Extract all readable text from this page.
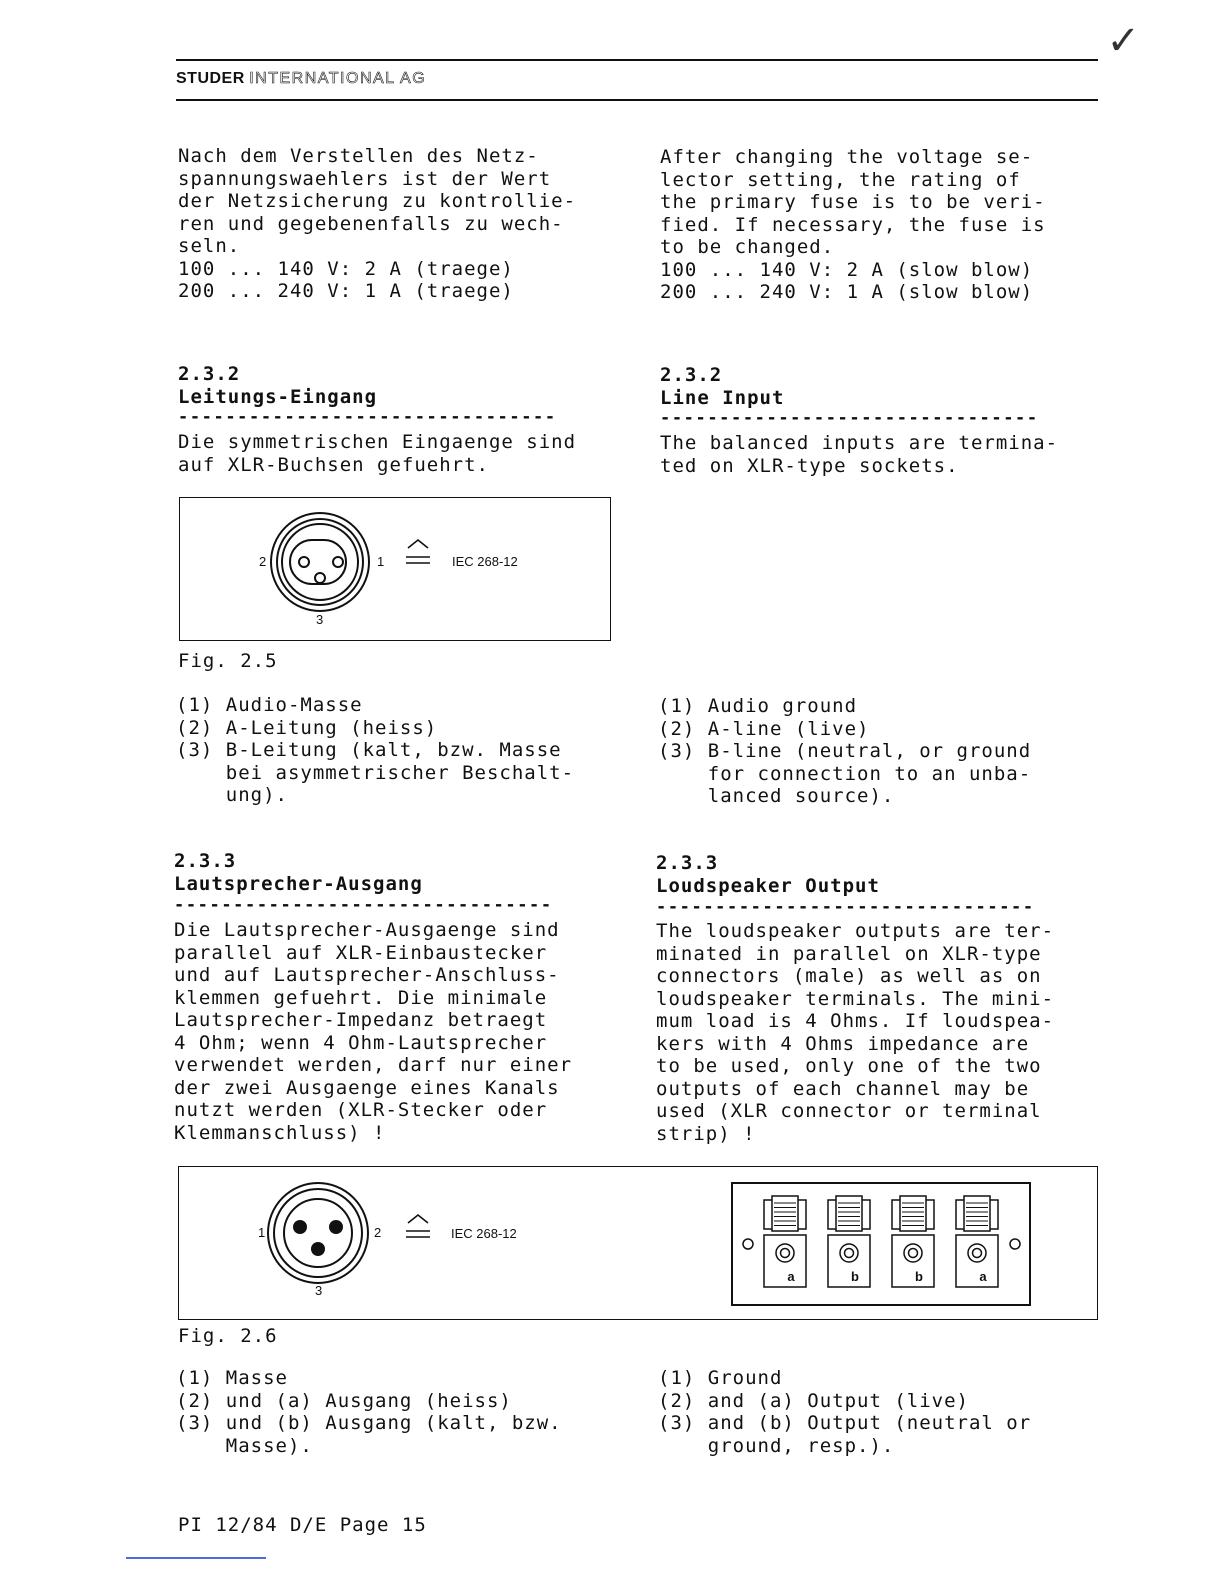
✓
STUDER INTERNATIONAL AG
Nach dem Verstellen des Netz-
spannungswaehlers ist der Wert
der Netzsicherung zu kontrollie-
ren und gegebenenfalls zu wech-
seln.
100 ... 140 V: 2 A (traege)
200 ... 240 V: 1 A (traege)
After changing the voltage se-
lector setting, the rating of
the primary fuse is to be veri-
fied. If necessary, the fuse is
to be changed.
100 ... 140 V: 2 A (slow blow)
200 ... 240 V: 1 A (slow blow)
2.3.2
Leitungs-Eingang
--------------------------------
2.3.2
Line Input
--------------------------------
Die symmetrischen Eingaenge sind
auf XLR-Buchsen gefuehrt.
The balanced inputs are termina-
ted on XLR-type sockets.
2	1
3
IEC 268-12
Fig. 2.5
(1) Audio-Masse
(2) A-Leitung (heiss)
(3) B-Leitung (kalt, bzw. Masse
bei asymmetrischer Beschalt-
ung).
(1) Audio ground
(2) A-line (live)
(3) B-line (neutral, or ground
for connection to an unba-
lanced source).
2.3.3
Lautsprecher-Ausgang
--------------------------------
2.3.3
Loudspeaker Output
--------------------------------
Die Lautsprecher-Ausgaenge sind
parallel auf XLR-Einbaustecker
und auf Lautsprecher-Anschluss-
klemmen gefuehrt. Die minimale
Lautsprecher-Impedanz betraegt
4 Ohm; wenn 4 Ohm-Lautsprecher
verwendet werden, darf nur einer
der zwei Ausgaenge eines Kanals
nutzt werden (XLR-Stecker oder
Klemmanschluss) !
The loudspeaker outputs are ter-
minated in parallel on XLR-type
connectors (male) as well as on
loudspeaker terminals. The mini-
mum load is 4 Ohms. If loudspea-
kers with 4 Ohms impedance are
to be used, only one of the two
outputs of each channel may be
used (XLR connector or terminal
strip) !
1	2
3
IEC 268-12
a	b	b	a
Fig. 2.6
(1) Masse
(2) und (a) Ausgang (heiss)
(3) und (b) Ausgang (kalt, bzw.
Masse).
(1) Ground
(2) and (a) Output (live)
(3) and (b) Output (neutral or
ground, resp.).
PI 12/84 D/E Page 15
